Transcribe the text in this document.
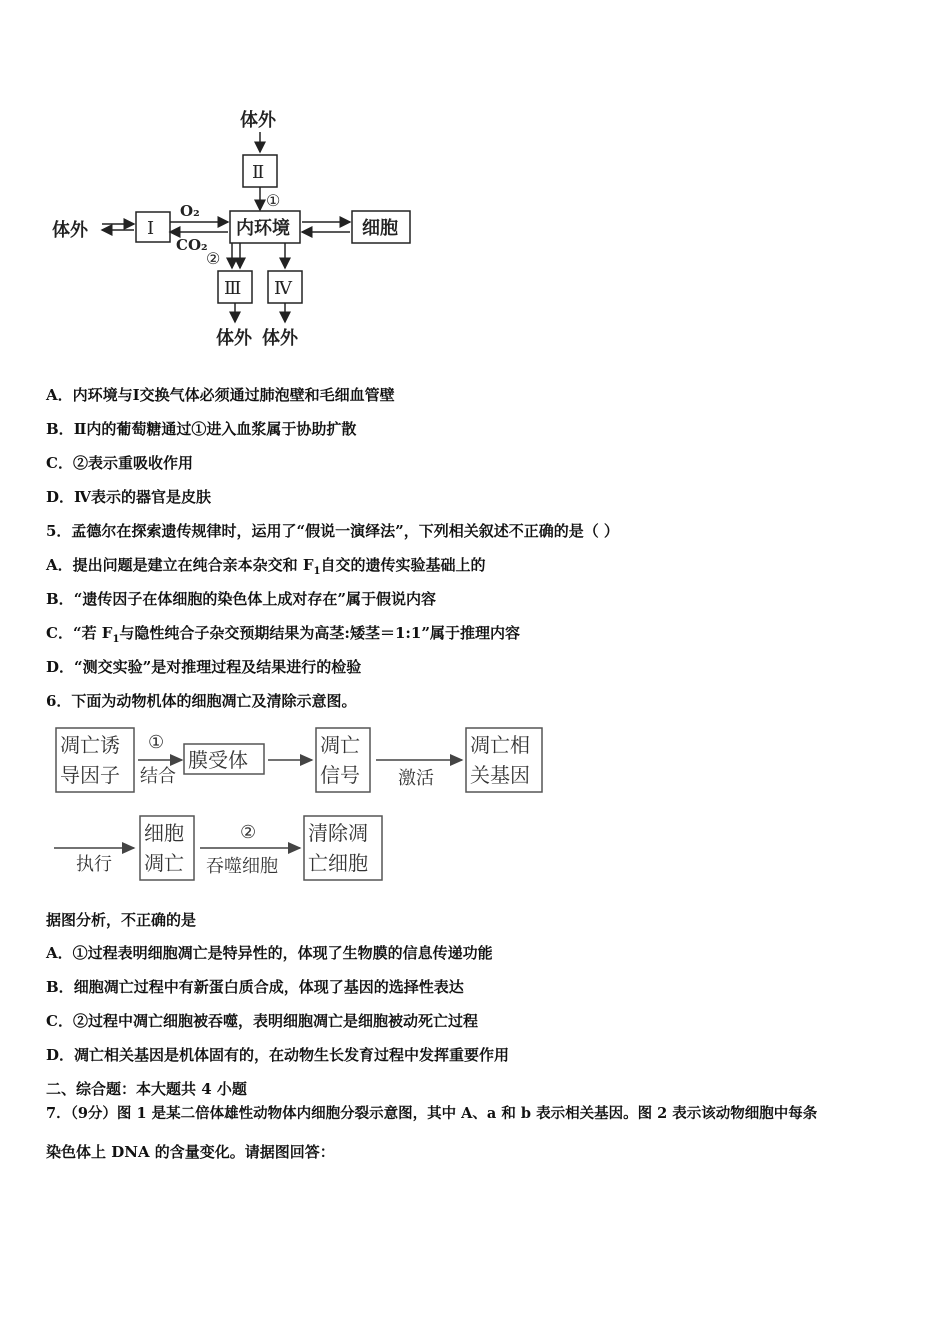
体外
体外
体外 体外
Ⅱ
①
Ⅰ
O₂
CO₂
内环境	细胞
②
Ⅲ Ⅳ
A．内环境与Ⅰ交换气体必须通过肺泡壁和毛细血管壁
B．Ⅱ内的葡萄糖通过①进入血浆属于协助扩散
C．②表示重吸收作用
D．Ⅳ表示的器官是皮肤
5．孟德尔在探索遗传规律时，运用了“假说一演绎法”，下列相关叙述不正确的是（ ）
A．提出问题是建立在纯合亲本杂交和 $F_1$自交的遗传实验基础上的
B．“遗传因子在体细胞的染色体上成对存在”属于假说内容
C．“若 $F_1$与隐性纯合子杂交预期结果为高茎:矮茎＝1:1”属于推理内容
D．“测交实验”是对推理过程及结果进行的检验
6．下面为动物机体的细胞凋亡及清除示意图。
凋亡诱
导因子
①
结合
膜受体
凋亡
信号 激活
凋亡相
关基因
执行
细胞
凋亡
②
吞噬细胞
清除凋
亡细胞
据图分析，不正确的是
A．①过程表明细胞凋亡是特异性的，体现了生物膜的信息传递功能
B．细胞凋亡过程中有新蛋白质合成，体现了基因的选择性表达
C．②过程中凋亡细胞被吞噬，表明细胞凋亡是细胞被动死亡过程
D．凋亡相关基因是机体固有的，在动物生长发育过程中发挥重要作用
二、综合题：本大题共 4 小题
7．（9分）图 1 是某二倍体雄性动物体内细胞分裂示意图，其中 A、a 和 b 表示相关基因。图 2 表示该动物细胞中每条
染色体上 DNA 的含量变化。请据图回答：
